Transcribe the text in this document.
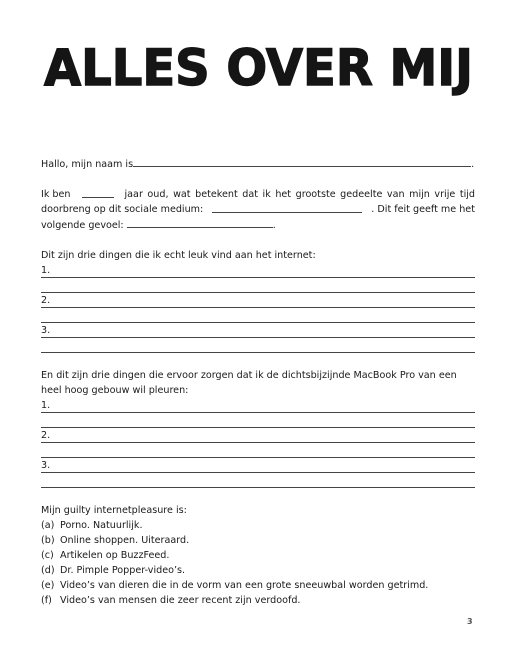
ALLES OVER MIJ
Hallo, mijn naam is	.
Ik ben	jaar oud, wat betekent dat ik het grootste gedeelte van mijn vrije tijd
doorbreng op dit sociale medium:	. Dit feit geeft me het
volgende gevoel:	.
Dit zijn drie dingen die ik echt leuk vind aan het internet:
1.
2.
3.
En dit zijn drie dingen die ervoor zorgen dat ik de dichtsbijzijnde MacBook Pro van een
heel hoog gebouw wil pleuren:
1.
2.
3.
Mijn guilty internetpleasure is:
(a) Porno. Natuurlijk.
(b) Online shoppen. Uiteraard.
(c) Artikelen op BuzzFeed.
(d) Dr. Pimple Popper-video’s.
(e) Video’s van dieren die in de vorm van een grote sneeuwbal worden getrimd.
(f) Video’s van mensen die zeer recent zijn verdoofd.
3
